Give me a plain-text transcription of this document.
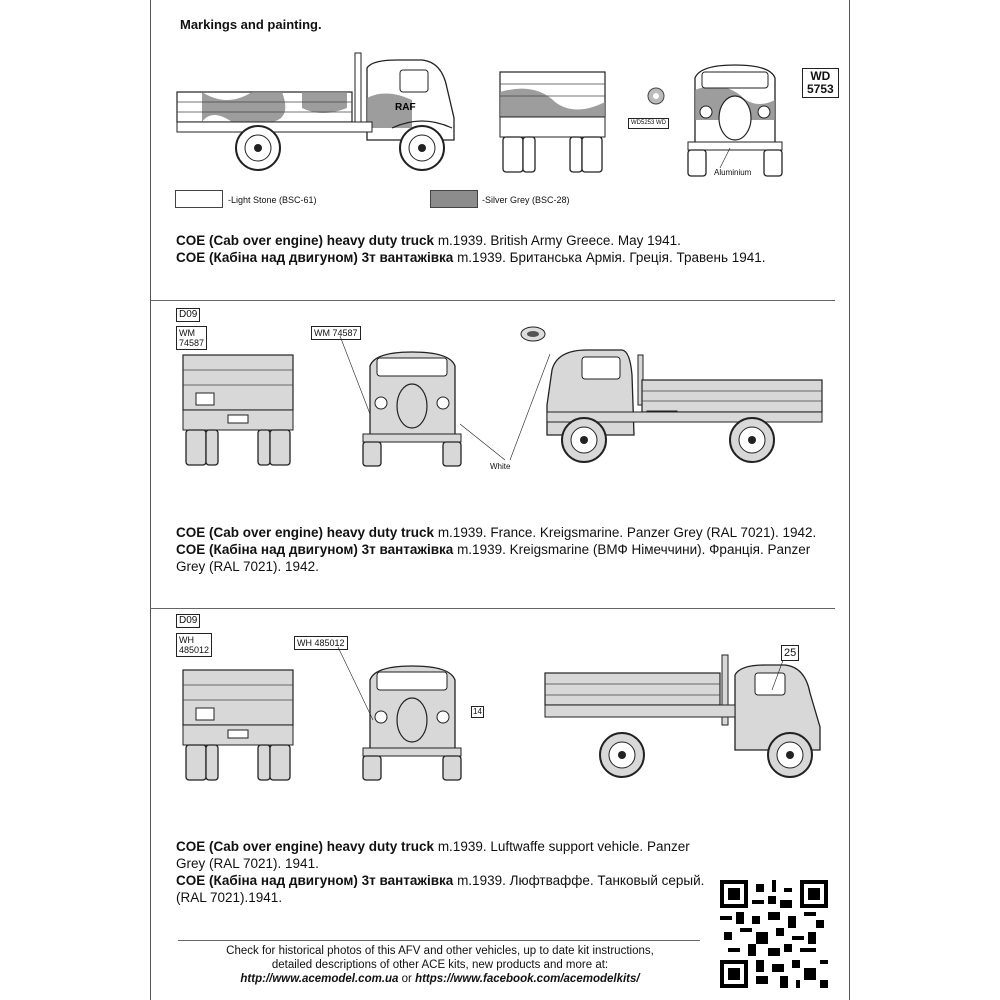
Markings and painting.
RAF
WD5253 WD
WD
5753
Aluminium
-Light Stone (BSC-61)	-Silver Grey (BSC-28)
COE (Cab over engine) heavy duty truck m.1939. British Army Greece. May 1941.
COE (Кабіна над двигуном) 3т вантажівка m.1939. Британська Армія. Греція. Травень 1941.
D09
WM
74587
WM 74587
White
COE (Cab over engine) heavy duty truck m.1939. France. Kreigsmarine. Panzer Grey (RAL 7021). 1942.
COE (Кабіна над двигуном) 3т вантажівка m.1939. Kreigsmarine (ВМФ Німеччини). Франція. Panzer Grey (RAL 7021). 1942.
D09
WH
485012
WH 485012
14
25
COE (Cab over engine) heavy duty truck m.1939. Luftwaffe support vehicle. Panzer Grey (RAL 7021). 1941.
COE (Кабіна над двигуном) 3т вантажівка m.1939. Люфтваффе. Танковый серый. (RAL 7021).1941.
Check for historical photos of this AFV and other vehicles, up to date kit instructions,
detailed descriptions of other ACE kits, new products and more at:
http://www.acemodel.com.ua or https://www.facebook.com/acemodelkits/
